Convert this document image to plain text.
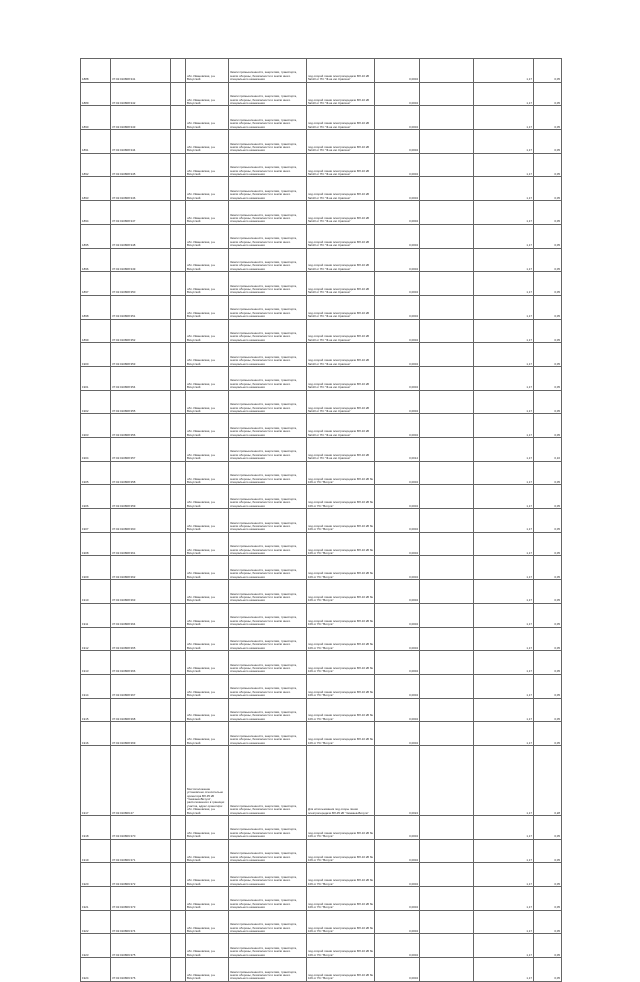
1888	37:02:010808:341		обл. Ивановская, р-н Вичугский	Земли промышленности, энергетики, транспорта, земли обороны, безопасности и земли иного специального назначения	под опорой линии электропередачи ВЛ-10 кВ №110 от ПС "Ф-ка им. Красина"	0,0004		1,17	0,05
1889	37:02:010808:342		обл. Ивановская, р-н Вичугский	Земли промышленности, энергетики, транспорта, земли обороны, безопасности и земли иного специального назначения	под опорой линии электропередачи ВЛ-10 кВ №110 от ПС "Ф-ка им. Красина"	0,0004		1,17	0,05
1890	37:02:010808:343		обл. Ивановская, р-н Вичугский	Земли промышленности, энергетики, транспорта, земли обороны, безопасности и земли иного специального назначения	под опорой линии электропередачи ВЛ-10 кВ №110 от ПС "Ф-ка им. Красина"	0,0004		1,17	0,05
1891	37:02:010808:344		обл. Ивановская, р-н Вичугский	Земли промышленности, энергетики, транспорта, земли обороны, безопасности и земли иного специального назначения	под опорой линии электропередачи ВЛ-10 кВ №110 от ПС "Ф-ка им. Красина"	0,0004		1,17	0,05
1892	37:02:010808:345		обл. Ивановская, р-н Вичугский	Земли промышленности, энергетики, транспорта, земли обороны, безопасности и земли иного специального назначения	под опорой линии электропередачи ВЛ-10 кВ №110 от ПС "Ф-ка им. Красина"	0,0004		1,17	0,05
1893	37:02:010808:346		обл. Ивановская, р-н Вичугский	Земли промышленности, энергетики, транспорта, земли обороны, безопасности и земли иного специального назначения	под опорой линии электропередачи ВЛ-10 кВ №110 от ПС "Ф-ка им. Красина"	0,0004		1,17	0,05
1894	37:02:010808:347		обл. Ивановская, р-н Вичугский	Земли промышленности, энергетики, транспорта, земли обороны, безопасности и земли иного специального назначения	под опорой линии электропередачи ВЛ-10 кВ №110 от ПС "Ф-ка им. Красина"	0,0004		1,17	0,05
1895	37:02:010808:348		обл. Ивановская, р-н Вичугский	Земли промышленности, энергетики, транспорта, земли обороны, безопасности и земли иного специального назначения	под опорой линии электропередачи ВЛ-10 кВ №110 от ПС "Ф-ка им. Красина"	0,0004		1,17	0,05
1896	37:02:010808:349		обл. Ивановская, р-н Вичугский	Земли промышленности, энергетики, транспорта, земли обороны, безопасности и земли иного специального назначения	под опорой линии электропередачи ВЛ-10 кВ №110 от ПС "Ф-ка им. Красина"	0,0004		1,17	0,05
1897	37:02:010808:350		обл. Ивановская, р-н Вичугский	Земли промышленности, энергетики, транспорта, земли обороны, безопасности и земли иного специального назначения	под опорой линии электропередачи ВЛ-10 кВ №110 от ПС "Ф-ка им. Красина"	0,0004		1,17	0,05
1898	37:02:010808:351		обл. Ивановская, р-н Вичугский	Земли промышленности, энергетики, транспорта, земли обороны, безопасности и земли иного специального назначения	под опорой линии электропередачи ВЛ-10 кВ №110 от ПС "Ф-ка им. Красина"	0,0004		1,17	0,05
1899	37:02:010808:352		обл. Ивановская, р-н Вичугский	Земли промышленности, энергетики, транспорта, земли обороны, безопасности и земли иного специального назначения	под опорой линии электропередачи ВЛ-10 кВ №110 от ПС "Ф-ка им. Красина"	0,0004		1,17	0,05
1900	37:02:010808:353		обл. Ивановская, р-н Вичугский	Земли промышленности, энергетики, транспорта, земли обороны, безопасности и земли иного специального назначения	под опорой линии электропередачи ВЛ-10 кВ №110 от ПС "Ф-ка им. Красина"	0,0004		1,17	0,05
1901	37:02:010808:354		обл. Ивановская, р-н Вичугский	Земли промышленности, энергетики, транспорта, земли обороны, безопасности и земли иного специального назначения	под опорой линии электропередачи ВЛ-10 кВ №110 от ПС "Ф-ка им. Красина"	0,0004		1,17	0,05
1902	37:02:010808:355		обл. Ивановская, р-н Вичугский	Земли промышленности, энергетики, транспорта, земли обороны, безопасности и земли иного специального назначения	под опорой линии электропередачи ВЛ-10 кВ №110 от ПС "Ф-ка им. Красина"	0,0004		1,17	0,05
1903	37:02:010808:356		обл. Ивановская, р-н Вичугский	Земли промышленности, энергетики, транспорта, земли обороны, безопасности и земли иного специального назначения	под опорой линии электропередачи ВЛ-10 кВ №110 от ПС "Ф-ка им. Красина"	0,0004		1,17	0,05
1904	37:02:010808:357		обл. Ивановская, р-н Вичугский	Земли промышленности, энергетики, транспорта, земли обороны, безопасности и земли иного специального назначения	под опорой линии электропередачи ВЛ-10 кВ №110 от ПС "Ф-ка им. Красина"	0,0014		1,17	0,16
1905	37:02:010808:358		обл. Ивановская, р-н Вичугский	Земли промышленности, энергетики, транспорта, земли обороны, безопасности и земли иного специального назначения	под опорой линии электропередачи ВЛ-10 кВ № 106 от ПС "Вичуга"	0,0004		1,17	0,05
1906	37:02:010808:359		обл. Ивановская, р-н Вичугский	Земли промышленности, энергетики, транспорта, земли обороны, безопасности и земли иного специального назначения	под опорой линии электропередачи ВЛ-10 кВ № 106 от ПС "Вичуга"	0,0004		1,17	0,05
1907	37:02:010808:360		обл. Ивановская, р-н Вичугский	Земли промышленности, энергетики, транспорта, земли обороны, безопасности и земли иного специального назначения	под опорой линии электропередачи ВЛ-10 кВ № 106 от ПС "Вичуга"	0,0004		1,17	0,05
1908	37:02:010808:361		обл. Ивановская, р-н Вичугский	Земли промышленности, энергетики, транспорта, земли обороны, безопасности и земли иного специального назначения	под опорой линии электропередачи ВЛ-10 кВ № 106 от ПС "Вичуга"	0,0004		1,17	0,05
1909	37:02:010808:362		обл. Ивановская, р-н Вичугский	Земли промышленности, энергетики, транспорта, земли обороны, безопасности и земли иного специального назначения	под опорой линии электропередачи ВЛ-10 кВ № 106 от ПС "Вичуга"	0,0004		1,17	0,05
1910	37:02:010808:363		обл. Ивановская, р-н Вичугский	Земли промышленности, энергетики, транспорта, земли обороны, безопасности и земли иного специального назначения	под опорой линии электропередачи ВЛ-10 кВ № 106 от ПС "Вичуга"	0,0004		1,17	0,05
1911	37:02:010808:364		обл. Ивановская, р-н Вичугский	Земли промышленности, энергетики, транспорта, земли обороны, безопасности и земли иного специального назначения	под опорой линии электропередачи ВЛ-10 кВ № 106 от ПС "Вичуга"	0,0004		1,17	0,05
1912	37:02:010808:365		обл. Ивановская, р-н Вичугский	Земли промышленности, энергетики, транспорта, земли обороны, безопасности и земли иного специального назначения	под опорой линии электропередачи ВЛ-10 кВ № 106 от ПС "Вичуга"	0,0004		1,17	0,05
1913	37:02:010808:366		обл. Ивановская, р-н Вичугский	Земли промышленности, энергетики, транспорта, земли обороны, безопасности и земли иного специального назначения	под опорой линии электропередачи ВЛ-10 кВ № 106 от ПС "Вичуга"	0,0004		1,17	0,05
1914	37:02:010808:367		обл. Ивановская, р-н Вичугский	Земли промышленности, энергетики, транспорта, земли обороны, безопасности и земли иного специального назначения	под опорой линии электропередачи ВЛ-10 кВ № 106 от ПС "Вичуга"	0,0004		1,17	0,05
1915	37:02:010808:368		обл. Ивановская, р-н Вичугский	Земли промышленности, энергетики, транспорта, земли обороны, безопасности и земли иного специального назначения	под опорой линии электропередачи ВЛ-10 кВ № 106 от ПС "Вичуга"	0,0004		1,17	0,05
1916	37:02:010808:369		обл. Ивановская, р-н Вичугский	Земли промышленности, энергетики, транспорта, земли обороны, безопасности и земли иного специального назначения	под опорой линии электропередачи ВЛ-10 кВ № 106 от ПС "Вичуга"	0,0004		1,17	0,05
1917	37:02:010809:47		Местоположение установлено относительно ориентира ВЛ-35 кВ "Чемкаев-Вичуга", расположенного в границах участка, адрес ориентира: обл. Ивановская, р-н Вичугский	Земли промышленности, энергетики, транспорта, земли обороны, безопасности и земли иного специального назначения	Для использования под опоры линии электропередачи ВЛ-35 кВ "Чемкаев-Вичуга"	0,0024		1,17	0,28
1918	37:02:010809:370		обл. Ивановская, р-н Вичугский	Земли промышленности, энергетики, транспорта, земли обороны, безопасности и земли иного специального назначения	под опорой линии электропередачи ВЛ-10 кВ № 106 от ПС "Вичуга"	0,0004		1,17	0,05
1919	37:02:010809:371		обл. Ивановская, р-н Вичугский	Земли промышленности, энергетики, транспорта, земли обороны, безопасности и земли иного специального назначения	под опорой линии электропередачи ВЛ-10 кВ № 106 от ПС "Вичуга"	0,0004		1,17	0,05
1920	37:02:010809:372		обл. Ивановская, р-н Вичугский	Земли промышленности, энергетики, транспорта, земли обороны, безопасности и земли иного специального назначения	под опорой линии электропередачи ВЛ-10 кВ № 106 от ПС "Вичуга"	0,0004		1,17	0,05
1921	37:02:010809:373		обл. Ивановская, р-н Вичугский	Земли промышленности, энергетики, транспорта, земли обороны, безопасности и земли иного специального назначения	под опорой линии электропередачи ВЛ-10 кВ № 106 от ПС "Вичуга"	0,0004		1,17	0,05
1922	37:02:010809:374		обл. Ивановская, р-н Вичугский	Земли промышленности, энергетики, транспорта, земли обороны, безопасности и земли иного специального назначения	под опорой линии электропередачи ВЛ-10 кВ № 106 от ПС "Вичуга"	0,0004		1,17	0,05
1923	37:02:010809:375		обл. Ивановская, р-н Вичугский	Земли промышленности, энергетики, транспорта, земли обороны, безопасности и земли иного специального назначения	под опорой линии электропередачи ВЛ-10 кВ № 106 от ПС "Вичуга"	0,0004		1,17	0,05
1924	37:02:010809:376		обл. Ивановская, р-н Вичугский	Земли промышленности, энергетики, транспорта, земли обороны, безопасности и земли иного специального назначения	под опорой линии электропередачи ВЛ-10 кВ № 106 от ПС "Вичуга"	0,0004		1,17	0,05
